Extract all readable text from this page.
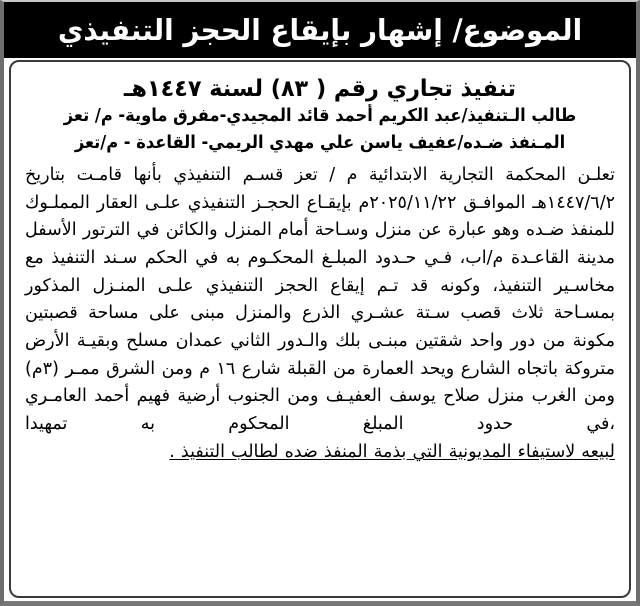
الموضوع/ إشهار بإيقاع الحجز التنفيذي
تنفيذ تجاري رقم ( ٨٣) لسنة ١٤٤٧هـ
طالب الـتنفيذ/عبد الكريم أحمد قائد المجيدي-مفرق ماوية- م/ تعز
المـنفذ ضـده/عفيف ياسن علي مهدي الريمي- القاعدة - م/تعز
تعلـن المحكمة التجارية الابتدائية م / تعز قسـم التنفيذي بأنها قامـت بتاريخ ١٤٤٧/٦/٢هـ الموافـق ٢٠٢٥/١١/٢٢م بإيقـاع الحجـز التنفيذي علـى العقار المملـوك للمنفذ ضـده وهو عبارة عن منزل وسـاحة أمام المنزل والكائن في الترتور الأسفل مدينة القاعـدة م/اب، فـي حـدود المبلـغ المحكـوم به في الحكم سـند التنفيذ مع مخاسـير التنفيذ، وكونه قد تـم إيقاع الحجز التنفيذي علـى المنـزل المذكور بمسـاحة ثلاث قصب سـتة عشـري الذرع والمنزل مبنى على مساحة قصبتين مكونة من دور واحد شقتين مبنـى بلك والـدور الثاني عمدان مسلح وبقيـة الأرض متروكة باتجاه الشارع ويحد العمارة من القبلة شارع ١٦ م ومن الشرق ممـر (٣م) ومن الغرب منزل صلاح يوسف العفيـف ومن الجنوب أرضية فهيم أحمد العامـري ،في حدود المبلغ المحكوم به تمهيدا
لبيعه لاستيفاء المديونية التي بذمة المنفذ ضده لطالب التنفيذ .
